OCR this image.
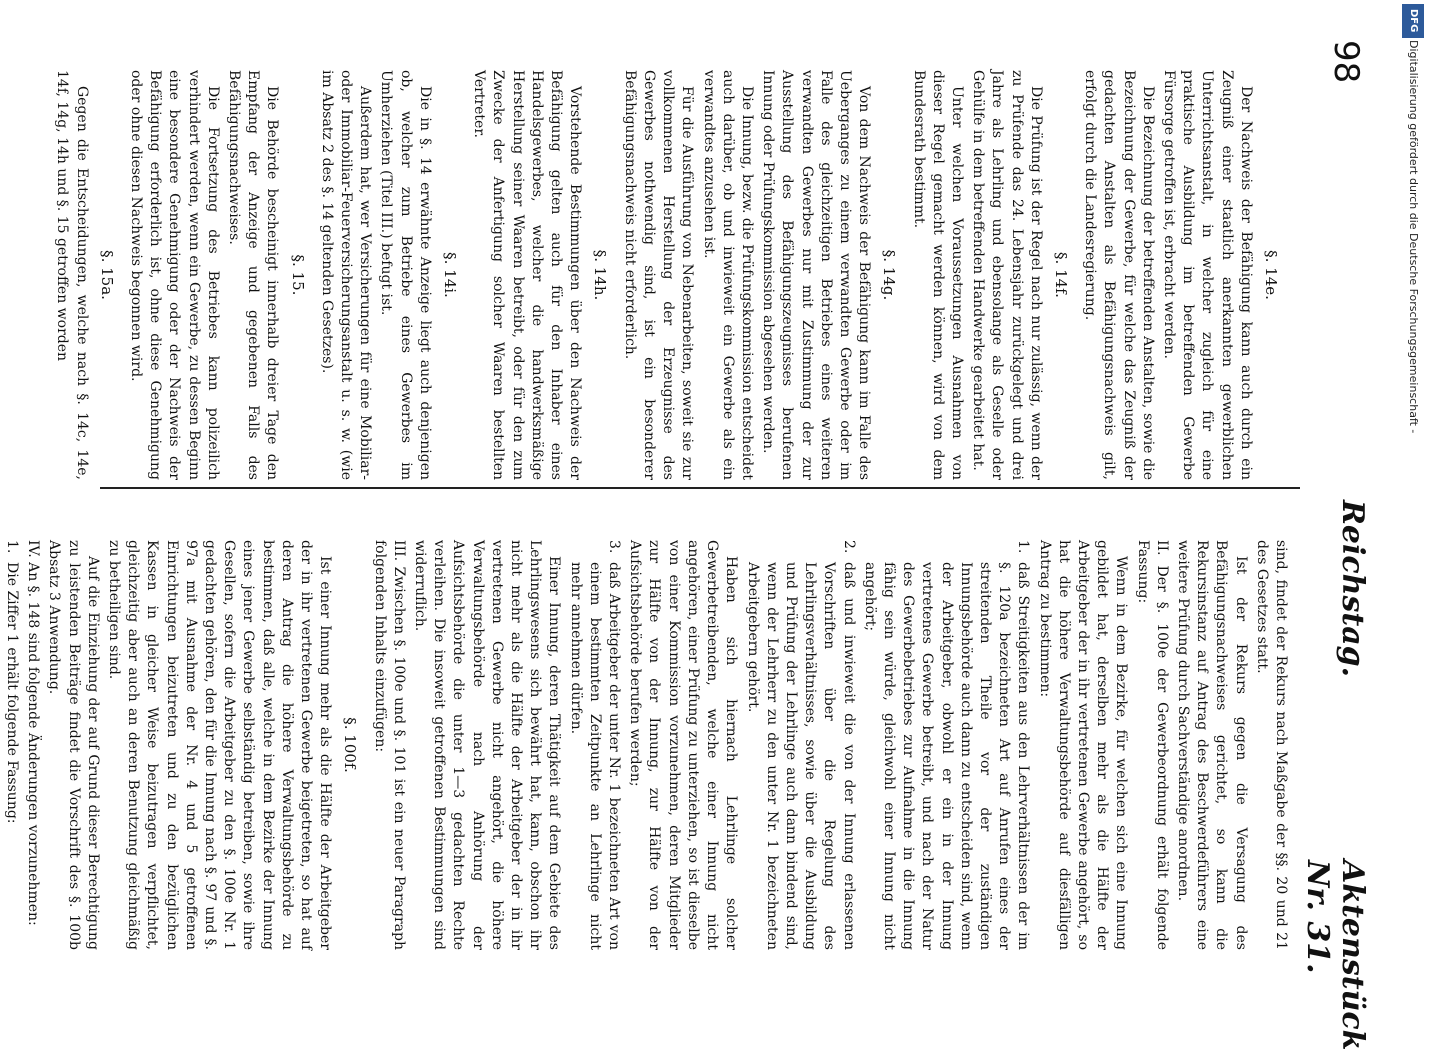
98
Reichstag.
Aktenstück Nr. 31.

§. 14e.

Der Nachweis der Befähigung kann auch durch ein Zeugniß einer staatlich anerkannten gewerblichen Unterrichtsanstalt, in welcher zugleich für eine praktische Ausbildung im betreffenden Gewerbe Fürsorge getroffen ist, erbracht werden.

Die Bezeichnung der betreffenden Anstalten, sowie die Bezeichnung der Gewerbe, für welche das Zeugniß der gedachten Anstalten als Befähigungsnachweis gilt, erfolgt durch die Landesregierung.

§. 14f.

Die Prüfung ist der Regel nach nur zulässig, wenn der zu Prüfende das 24. Lebensjahr zurückgelegt und drei Jahre als Lehrling und ebensolange als Geselle oder Gehülfe in dem betreffenden Handwerke gearbeitet hat.

Unter welchen Voraussetzungen Ausnahmen von dieser Regel gemacht werden können, wird von dem Bundesrath bestimmt.

§. 14g.

Von dem Nachweis der Befähigung kann im Falle des Ueberganges zu einem verwandten Gewerbe oder im Falle des gleichzeitigen Betriebes eines weiteren verwandten Gewerbes nur mit Zustimmung der zur Ausstellung des Befähigungszeugnisses berufenen Innung oder Prüfungskommission abgesehen werden.

Die Innung, bezw. die Prüfungskommission entscheidet auch darüber, ob und inwieweit ein Gewerbe als ein verwandtes anzusehen ist.

Für die Ausführung von Nebenarbeiten, soweit sie zur vollkommenen Herstellung der Erzeugnisse des Gewerbes nothwendig sind, ist ein besonderer Befähigungsnachweis nicht erforderlich.

§. 14h.

Vorstehende Bestimmungen über den Nachweis der Befähigung gelten auch für den Inhaber eines Handelsgewerbes, welcher die handwerksmäßige Herstellung seiner Waaren betreibt, oder für den zum Zwecke der Anfertigung solcher Waaren bestellten Vertreter.

§. 14i.

Die in §. 14 erwähnte Anzeige liegt auch denjenigen ob, welcher zum Betriebe eines Gewerbes im Umherziehen (Titel III.) befugt ist.

Außerdem hat, wer Versicherungen für eine Mobiliar- oder Immobiliar-Feuerversicherungsanstalt u. s. w. (wie im Absatz 2 des §. 14 geltenden Gesetzes).

§. 15.

Die Behörde bescheinigt innerhalb dreier Tage den Empfang der Anzeige und gegebenen Falls des Befähigungsnachweises.

Die Fortsetzung des Betriebes kann polizeilich verhindert werden, wenn ein Gewerbe, zu dessen Beginn eine besondere Genehmigung oder der Nachweis der Befähigung erforderlich ist, ohne diese Genehmigung oder ohne diesen Nachweis begonnen wird.

§. 15a.

Gegen die Entscheidungen, welche nach §. 14c, 14e, 14f, 14g, 14h und §. 15 getroffen worden

sind, findet der Rekurs nach Maßgabe der §§. 20 und 21 des Gesetzes statt.

Ist der Rekurs gegen die Versagung des Befähigungsnachweises gerichtet, so kann die Rekursinstanz auf Antrag des Beschwerdeführers eine weitere Prüfung durch Sachverständige anordnen.

II. Der §. 100e der Gewerbeordnung erhält folgende Fassung:

Wenn in dem Bezirke, für welchen sich eine Innung gebildet hat, derselben mehr als die Hälfte der Arbeitgeber der in ihr vertretenen Gewerbe angehört, so hat die höhere Verwaltungsbehörde auf diesfälligen Antrag zu bestimmen:

1.
daß Streitigkeiten aus den Lehrverhältnissen der im §. 120a bezeichneten Art auf Anrufen eines der streitenden Theile vor der zuständigen Innungsbehörde auch dann zu entscheiden sind, wenn der Arbeitgeber, obwohl er ein in der Innung vertretenes Gewerbe betreibt, und nach der Natur des Gewerbebetriebes zur Aufnahme in die Innung fähig sein würde, gleichwohl einer Innung nicht angehört;

2.
daß und inwieweit die von der Innung erlassenen Vorschriften über die Regelung des Lehrlingsverhältnisses, sowie über die Ausbildung und Prüfung der Lehrlinge auch dann bindend sind, wenn der Lehrherr zu den unter Nr. 1 bezeichneten Arbeitgebern gehört.

Haben sich hiernach Lehrlinge solcher Gewerbetreibenden, welche einer Innung nicht angehören, einer Prüfung zu unterziehen, so ist dieselbe von einer Kommission vorzunehmen, deren Mitglieder zur Hälfte von der Innung, zur Hälfte von der Aufsichtsbehörde berufen werden;

3.
daß Arbeitgeber der unter Nr. 1 bezeichneten Art von einem bestimmten Zeitpunkte an Lehrlinge nicht mehr annehmen dürfen.

Einer Innung, deren Thätigkeit auf dem Gebiete des Lehrlingswesens sich bewährt hat, kann, obschon ihr nicht mehr als die Hälfte der Arbeitgeber der in ihr vertretenen Gewerbe nicht angehört, die höhere Verwaltungsbehörde nach Anhörung der Aufsichtsbehörde die unter 1—3 gedachten Rechte verleihen. Die insoweit getroffenen Bestimmungen sind widerruflich.

III. Zwischen §. 100e und §. 101 ist ein neuer Paragraph folgenden Inhalts einzufügen:

§. 100f.

Ist einer Innung mehr als die Hälfte der Arbeitgeber der in ihr vertretenen Gewerbe beigetreten, so hat auf deren Antrag die höhere Verwaltungsbehörde zu bestimmen, daß alle, welche in dem Bezirke der Innung eines jener Gewerbe selbständig betreiben, sowie ihre Gesellen, sofern die Arbeitgeber zu den §. 100e Nr. 1 gedachten gehören, den für die Innung nach §. 97 und §. 97a mit Ausnahme der Nr. 4 und 5 getroffenen Einrichtungen beizutreten und zu den bezüglichen Kassen in gleicher Weise beizutragen verpflichtet, gleichzeitig aber auch an deren Benutzung gleichmäßig zu betheiligen sind.

Auf die Einziehung der auf Grund dieser Berechtigung zu leistenden Beiträge findet die Vorschrift des §. 100b Absatz 3 Anwendung.

IV. An §. 148 sind folgende Änderungen vorzunehmen:

1.
Die Ziffer 1 erhält folgende Fassung:

Digitalisierung gefördert durch die Deutsche Forschungsgemeinschaft -
DFG
